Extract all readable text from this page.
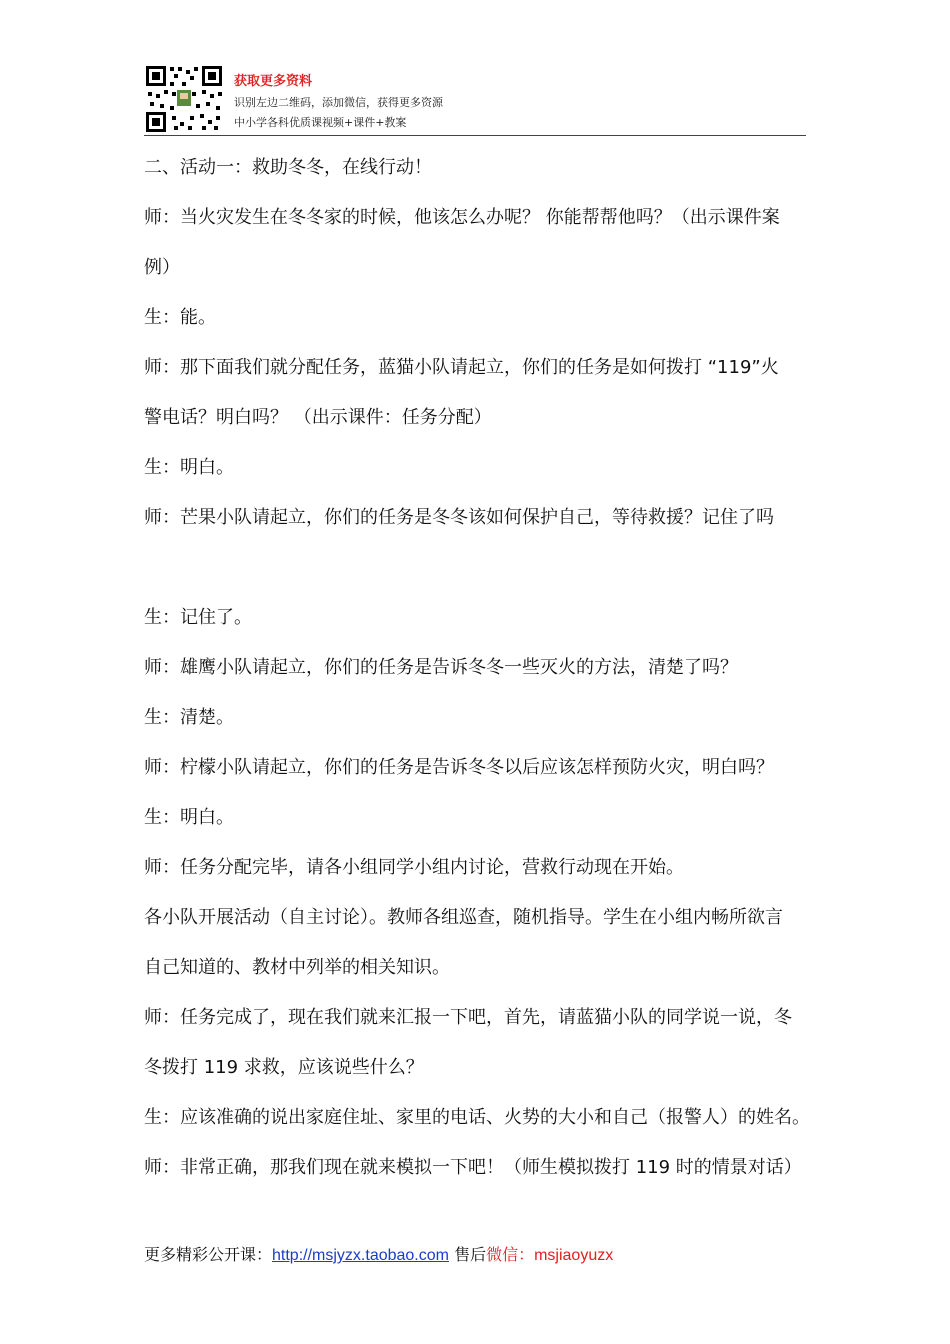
获取更多资料
识别左边二维码，添加微信，获得更多资源
中小学各科优质课视频+课件+教案
二、活动一：救助冬冬，在线行动！
师：当火灾发生在冬冬家的时候，他该怎么办呢？ 你能帮帮他吗？（出示课件案
例）
生：能。
师：那下面我们就分配任务，蓝猫小队请起立，你们的任务是如何拨打 “119”火
警电话？明白吗？ （出示课件：任务分配）
生：明白。
师：芒果小队请起立，你们的任务是冬冬该如何保护自己，等待救援？记住了吗
生：记住了。
师：雄鹰小队请起立，你们的任务是告诉冬冬一些灭火的方法，清楚了吗？
生：清楚。
师：柠檬小队请起立，你们的任务是告诉冬冬以后应该怎样预防火灾，明白吗？
生：明白。
师：任务分配完毕，请各小组同学小组内讨论，营救行动现在开始。
各小队开展活动（自主讨论）。教师各组巡查，随机指导。学生在小组内畅所欲言
自己知道的、教材中列举的相关知识。
师：任务完成了，现在我们就来汇报一下吧，首先，请蓝猫小队的同学说一说，冬
冬拨打 119 求救，应该说些什么？
生：应该准确的说出家庭住址、家里的电话、火势的大小和自己（报警人）的姓名。
师：非常正确，那我们现在就来模拟一下吧！（师生模拟拨打 119 时的情景对话）
更多精彩公开课：http://msjyzx.taobao.com 售后微信：msjiaoyuzx
